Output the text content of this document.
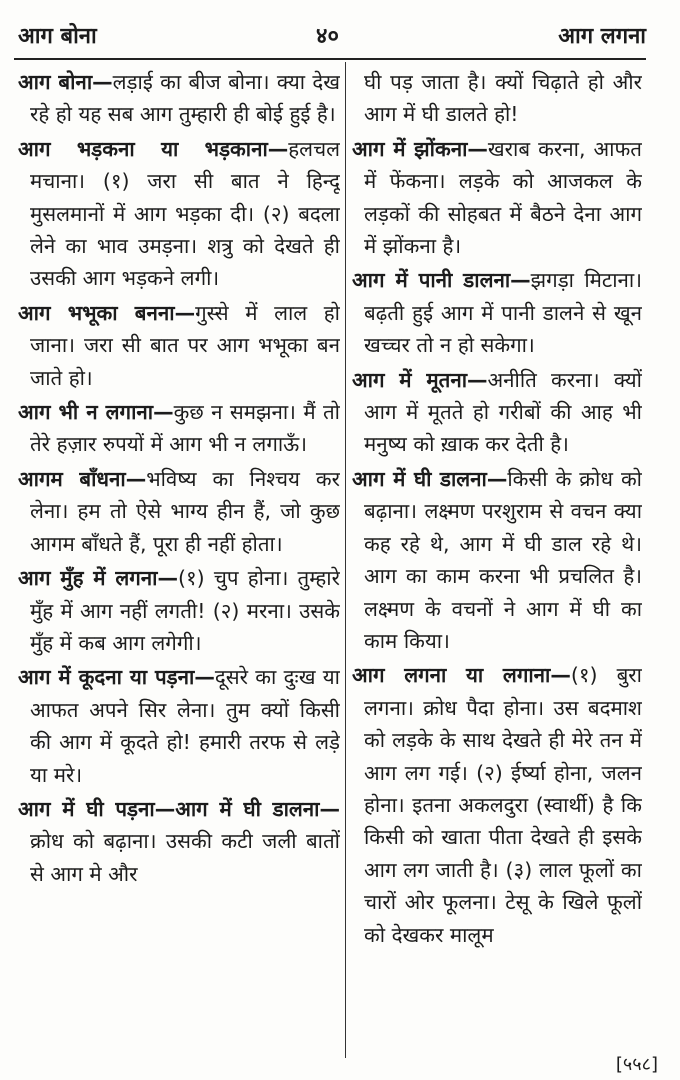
आग बोना	४०	आग लगना

आग बोना—लड़ाई का बीज बोना। क्या देख रहे हो यह सब आग तुम्हारी ही बोई हुई है।

आग भड़कना या भड़काना—हलचल मचाना। (१) जरा सी बात ने हिन्दू मुसलमानों में आग भड़का दी। (२) बदला लेने का भाव उमड़ना। शत्रु को देखते ही उसकी आग भड़कने लगी।

आग भभूका बनना—गुस्से में लाल हो जाना। जरा सी बात पर आग भभूका बन जाते हो।

आग भी न लगाना—कुछ न समझना। मैं तो तेरे हज़ार रुपयों में आग भी न लगाऊँ।

आगम बाँधना—भविष्य का निश्चय कर लेना। हम तो ऐसे भाग्य हीन हैं, जो कुछ आगम बाँधते हैं, पूरा ही नहीं होता।

आग मुँह में लगना—(१) चुप होना। तुम्हारे मुँह में आग नहीं लगती! (२) मरना। उसके मुँह में कब आग लगेगी।

आग में कूदना या पड़ना—दूसरे का दुःख या आफत अपने सिर लेना। तुम क्यों किसी की आग में कूदते हो! हमारी तरफ से लड़े या मरे।

आग में घी पड़ना—आग में घी डालना—क्रोध को बढ़ाना। उसकी कटी जली बातों से आग मे और

घी पड़ जाता है। क्यों चिढ़ाते हो और आग में घी डालते हो!

आग में झोंकना—खराब करना, आफत में फेंकना। लड़के को आजकल के लड़कों की सोहबत में बैठने देना आग में झोंकना है।

आग में पानी डालना—झगड़ा मिटाना। बढ़ती हुई आग में पानी डालने से खून खच्चर तो न हो सकेगा।

आग में मूतना—अनीति करना। क्यों आग में मूतते हो गरीबों की आह भी मनुष्य को ख़ाक कर देती है।

आग में घी डालना—किसी के क्रोध को बढ़ाना। लक्ष्मण परशुराम से वचन क्या कह रहे थे, आग में घी डाल रहे थे। आग का काम करना भी प्रचलित है। लक्ष्मण के वचनों ने आग में घी का काम किया।

आग लगना या लगाना—(१) बुरा लगना। क्रोध पैदा होना। उस बदमाश को लड़के के साथ देखते ही मेरे तन में आग लग गई। (२) ईर्ष्या होना, जलन होना। इतना अकलदुरा (स्वार्थी) है कि किसी को खाता पीता देखते ही इसके आग लग जाती है। (३) लाल फूलों का चारों ओर फूलना। टेसू के खिले फूलों को देखकर मालूम

[५५८]
